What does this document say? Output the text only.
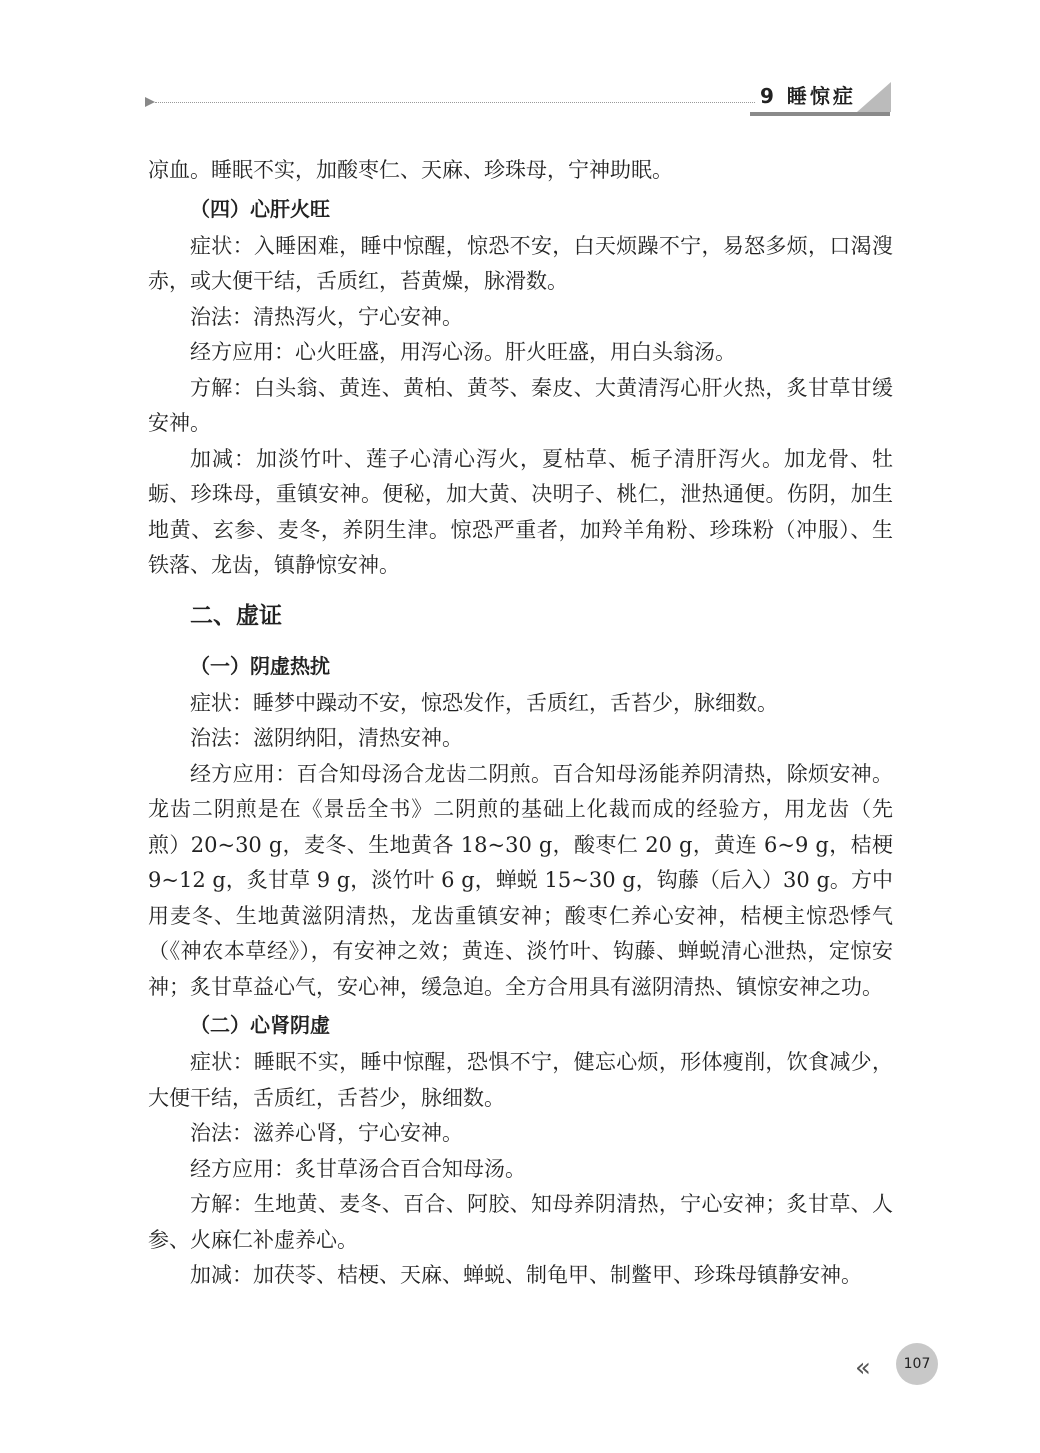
9 睡惊症

凉血。睡眠不实，加酸枣仁、天麻、珍珠母，宁神助眠。

（四）心肝火旺

症状：入睡困难，睡中惊醒，惊恐不安，白天烦躁不宁，易怒多烦，口渴溲赤，或大便干结，舌质红，苔黄燥，脉滑数。

治法：清热泻火，宁心安神。

经方应用：心火旺盛，用泻心汤。肝火旺盛，用白头翁汤。

方解：白头翁、黄连、黄柏、黄芩、秦皮、大黄清泻心肝火热，炙甘草甘缓安神。

加减：加淡竹叶、莲子心清心泻火，夏枯草、栀子清肝泻火。加龙骨、牡蛎、珍珠母，重镇安神。便秘，加大黄、决明子、桃仁，泄热通便。伤阴，加生地黄、玄参、麦冬，养阴生津。惊恐严重者，加羚羊角粉、珍珠粉（冲服）、生铁落、龙齿，镇静惊安神。

二、虚证

（一）阴虚热扰

症状：睡梦中躁动不安，惊恐发作，舌质红，舌苔少，脉细数。

治法：滋阴纳阳，清热安神。

经方应用：百合知母汤合龙齿二阴煎。百合知母汤能养阴清热，除烦安神。龙齿二阴煎是在《景岳全书》二阴煎的基础上化裁而成的经验方，用龙齿（先煎）20~30 g，麦冬、生地黄各 18~30 g，酸枣仁 20 g，黄连 6~9 g，桔梗 9~12 g，炙甘草 9 g，淡竹叶 6 g，蝉蜕 15~30 g，钩藤（后入）30 g。方中用麦冬、生地黄滋阴清热，龙齿重镇安神；酸枣仁养心安神，桔梗主惊恐悸气（《神农本草经》），有安神之效；黄连、淡竹叶、钩藤、蝉蜕清心泄热，定惊安神；炙甘草益心气，安心神，缓急迫。全方合用具有滋阴清热、镇惊安神之功。

（二）心肾阴虚

症状：睡眠不实，睡中惊醒，恐惧不宁，健忘心烦，形体瘦削，饮食减少，大便干结，舌质红，舌苔少，脉细数。

治法：滋养心肾，宁心安神。

经方应用：炙甘草汤合百合知母汤。

方解：生地黄、麦冬、百合、阿胶、知母养阴清热，宁心安神；炙甘草、人参、火麻仁补虚养心。

加减：加茯苓、桔梗、天麻、蝉蜕、制龟甲、制鳖甲、珍珠母镇静安神。

«	107
